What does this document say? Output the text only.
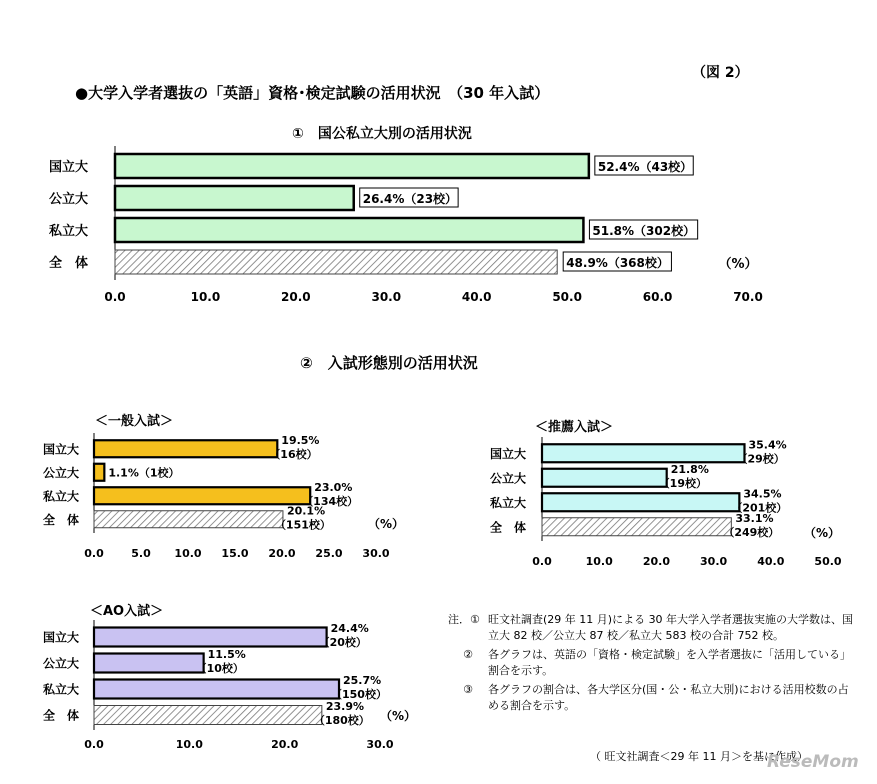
（図 2）
●大学入学者選抜の「英語」資格･検定試験の活用状況　（30 年入試）
①　国公私立大別の活用状況
②　入試形態別の活用状況
＜一般入試＞	＜推薦入試＞
＜AO入試＞
国立大	52.4%（43校）
公立大	26.4%（23校）
私立大	51.8%（302校）
全　体	48.9%（368校）
0.0	10.0	20.0	30.0	40.0	50.0	60.0	70.0
（%）
国立大
19.5%
（16校）
公立大	1.1%（1校）
私立大
23.0%
（134校）
全　体
20.1%
（151校）
0.0	5.0 10.0 15.0 20.0 25.0 30.0
（%）
国立大
35.4%
（29校）
公立大
21.8%
（19校）
私立大
34.5%
（201校）
全　体
33.1%
（249校）
0.0	10.0	20.0	30.0	40.0	50.0
（%）
国立大
24.4%
（20校）
公立大
11.5%
（10校）
私立大
25.7%
（150校）
全　体
23.9%
（180校）
0.0	10.0	20.0	30.0
（%）
注．① 旺文社調査(29 年 11 月)による 30 年大学入学者選抜実施の大学数は、国立大 82 校／公立大 87 校／私立大 583 校の合計 752 校。
②	各グラフは、英語の「資格・検定試験」を入学者選抜に「活用している」割合を示す。
③	各グラフの割合は、各大学区分(国・公・私立大別)における活用校数の占める割合を示す。
（ 旺文社調査＜29 年 11 月＞を基に作成）
ReseMom
